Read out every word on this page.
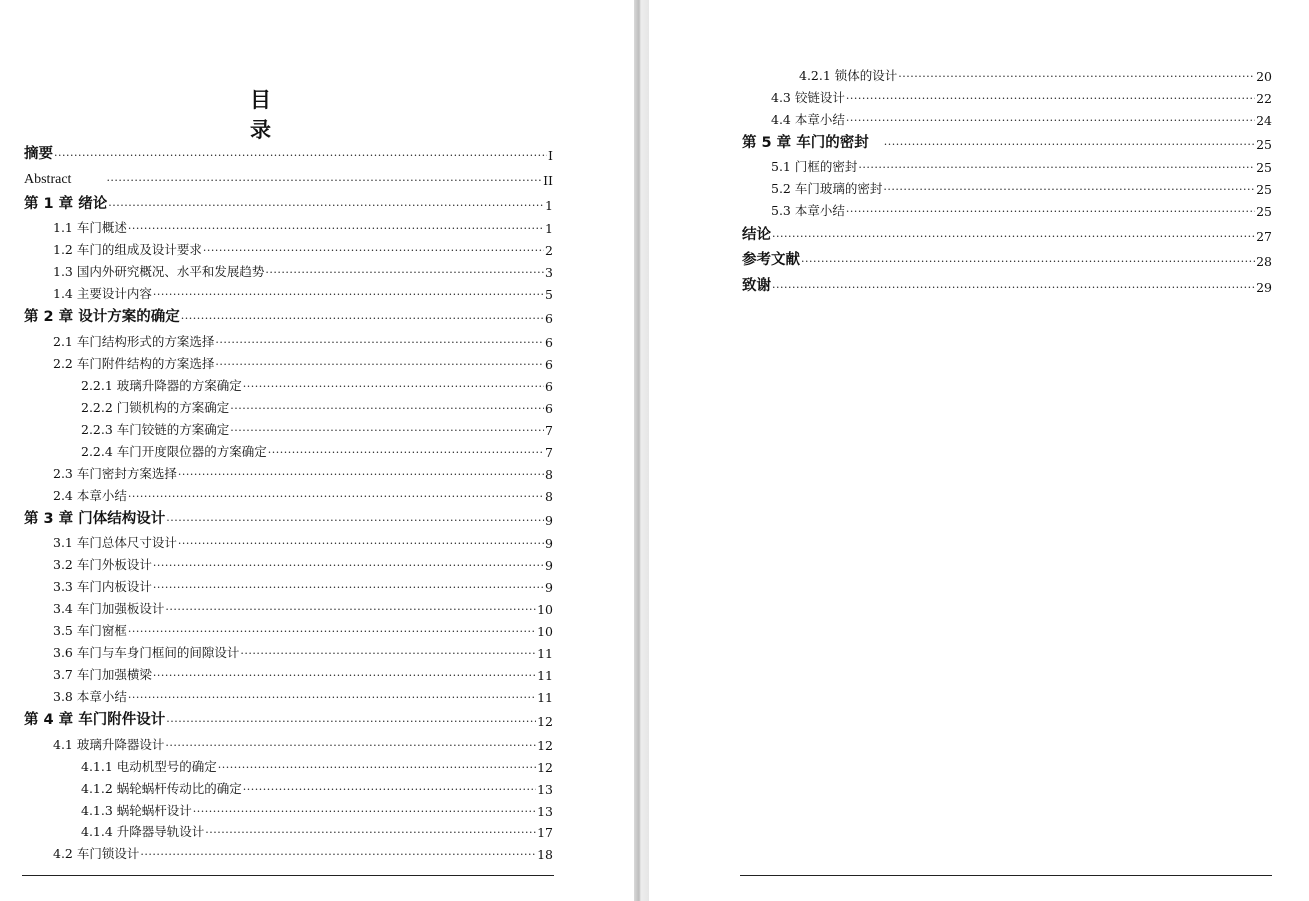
目 录
摘要 ·····	I
Abstract ·····	II
第 1 章 绪论 ·····	1
1.1 车门概述 ·····	1
1.2 车门的组成及设计要求 ·····	2
1.3 国内外研究概况、水平和发展趋势 ·····	3
1.4 主要设计内容 ·····	5
第 2 章 设计方案的确定 ·····	6
2.1 车门结构形式的方案选择 ·····	6
2.2 车门附件结构的方案选择 ·····	6
2.2.1 玻璃升降器的方案确定 ·····	6
2.2.2 门锁机构的方案确定 ·····	6
2.2.3 车门铰链的方案确定 ·····	7
2.2.4 车门开度限位器的方案确定 ·····	7
2.3 车门密封方案选择 ·····	8
2.4 本章小结 ·····	8
第 3 章 门体结构设计 ·····	9
3.1 车门总体尺寸设计 ·····	9
3.2 车门外板设计 ·····	9
3.3 车门内板设计 ·····	9
3.4 车门加强板设计 ·····	10
3.5 车门窗框 ·····	10
3.6 车门与车身门框间的间隙设计 ·····	11
3.7 车门加强横梁 ·····	11
3.8 本章小结 ·····	11
第 4 章 车门附件设计 ·····	12
4.1 玻璃升降器设计 ·····	12
4.1.1 电动机型号的确定 ·····	12
4.1.2 蜗轮蜗杆传动比的确定 ·····	13
4.1.3 蜗轮蜗杆设计 ·····	13
4.1.4 升降器导轨设计 ·····	17
4.2 车门锁设计 ·····	18
4.2.1 锁体的设计 ·····	20
4.3 铰链设计 ·····	22
4.4 本章小结 ·····	24
第 5 章 车门的密封 ·····	25
5.1 门框的密封 ·····	25
5.2 车门玻璃的密封 ·····	25
5.3 本章小结 ·····	25
结论 ·····	27
参考文献 ·····	28
致谢 ·····	29
